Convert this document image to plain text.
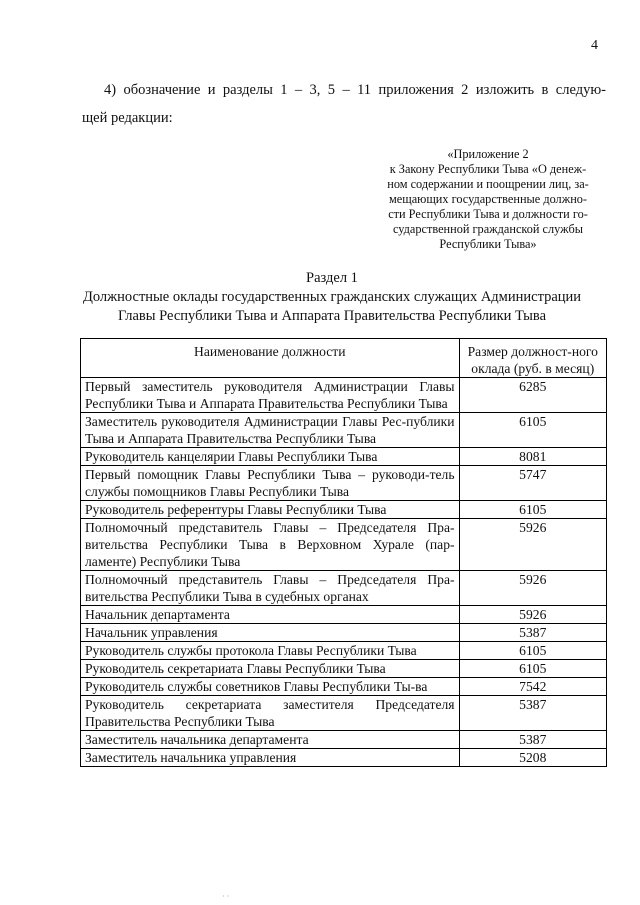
4
4) обозначение и разделы 1 – 3, 5 – 11 приложения 2 изложить в следую-
щей редакции:
«Приложение 2
к Закону Республики Тыва «О денеж-
ном содержании и поощрении лиц, за-
мещающих государственные должно-
сти Республики Тыва и должности го-
сударственной гражданской службы
Республики Тыва»
Раздел 1
Должностные оклады государственных гражданских служащих Администрации
Главы Республики Тыва и Аппарата Правительства Республики Тыва
Наименование должности	Размер должност-ного оклада (руб. в месяц)
Первый заместитель руководителя Администрации Главы Республики Тыва и Аппарата Правительства Республики Тыва	6285
Заместитель руководителя Администрации Главы Рес-публики Тыва и Аппарата Правительства Республики Тыва	6105
Руководитель канцелярии Главы Республики Тыва	8081
Первый помощник Главы Республики Тыва – руководи-тель службы помощников Главы Республики Тыва	5747
Руководитель референтуры Главы Республики Тыва	6105
Полномочный представитель Главы – Председателя Пра-вительства Республики Тыва в Верховном Хурале (пар-ламенте) Республики Тыва	5926
Полномочный представитель Главы – Председателя Пра-вительства Республики Тыва в судебных органах	5926
Начальник департамента	5926
Начальник управления	5387
Руководитель службы протокола Главы Республики Тыва	6105
Руководитель секретариата Главы Республики Тыва	6105
Руководитель службы советников Главы Республики Ты-ва	7542
Руководитель секретариата заместителя Председателя Правительства Республики Тыва	5387
Заместитель начальника департамента	5387
Заместитель начальника управления	5208
· ·
